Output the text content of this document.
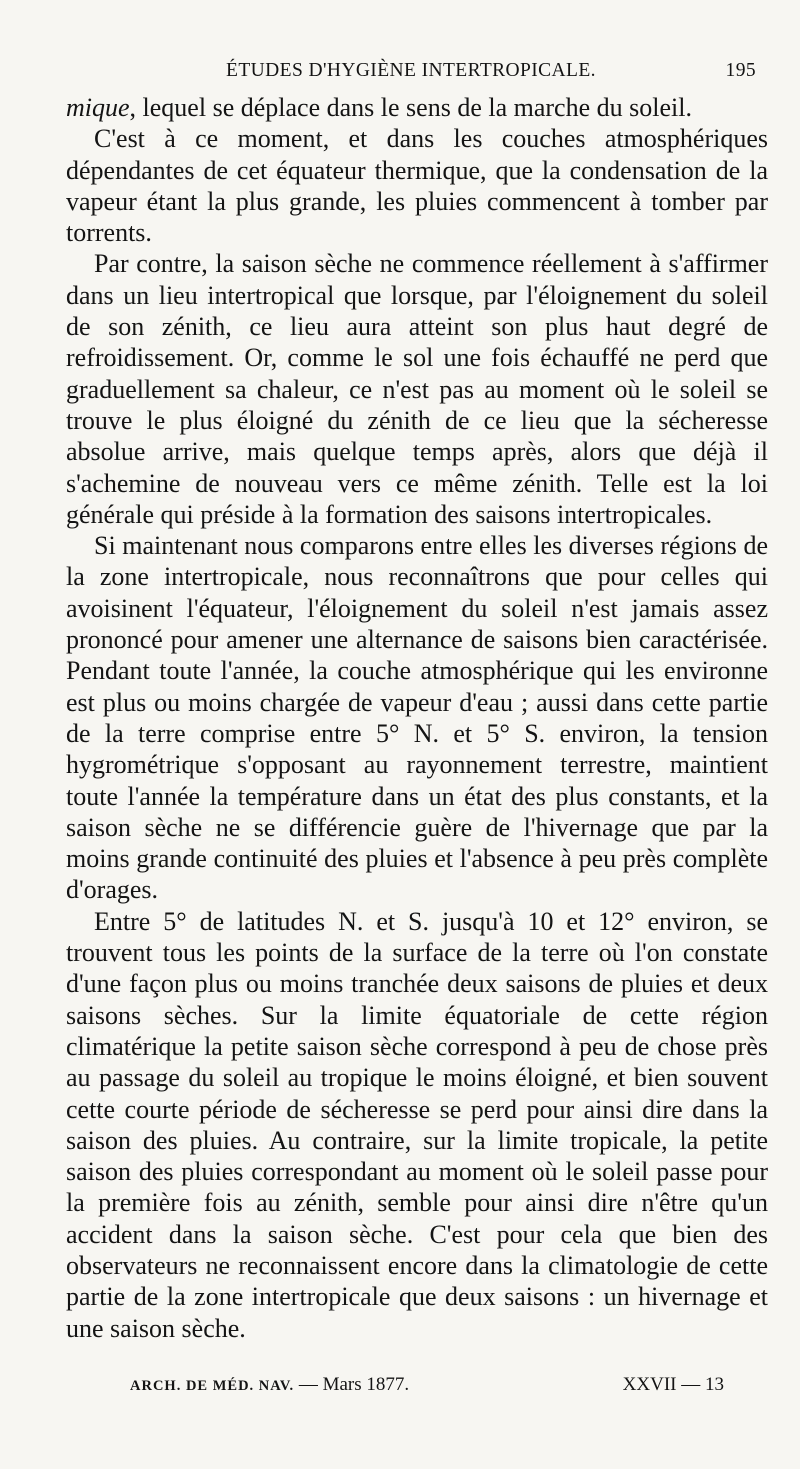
ÉTUDES D'HYGIÈNE INTERTROPICALE.	195

mique, lequel se déplace dans le sens de la marche du soleil.

C'est à ce moment, et dans les couches atmosphériques dépendantes de cet équateur thermique, que la condensation de la vapeur étant la plus grande, les pluies commencent à tomber par torrents.

Par contre, la saison sèche ne commence réellement à s'affirmer dans un lieu intertropical que lorsque, par l'éloignement du soleil de son zénith, ce lieu aura atteint son plus haut degré de refroidissement. Or, comme le sol une fois échauffé ne perd que graduellement sa chaleur, ce n'est pas au moment où le soleil se trouve le plus éloigné du zénith de ce lieu que la sécheresse absolue arrive, mais quelque temps après, alors que déjà il s'achemine de nouveau vers ce même zénith. Telle est la loi générale qui préside à la formation des saisons intertropicales.

Si maintenant nous comparons entre elles les diverses régions de la zone intertropicale, nous reconnaîtrons que pour celles qui avoisinent l'équateur, l'éloignement du soleil n'est jamais assez prononcé pour amener une alternance de saisons bien caractérisée. Pendant toute l'année, la couche atmosphérique qui les environne est plus ou moins chargée de vapeur d'eau ; aussi dans cette partie de la terre comprise entre 5° N. et 5° S. environ, la tension hygrométrique s'opposant au rayonnement terrestre, maintient toute l'année la température dans un état des plus constants, et la saison sèche ne se différencie guère de l'hivernage que par la moins grande continuité des pluies et l'absence à peu près complète d'orages.

Entre 5° de latitudes N. et S. jusqu'à 10 et 12° environ, se trouvent tous les points de la surface de la terre où l'on constate d'une façon plus ou moins tranchée deux saisons de pluies et deux saisons sèches. Sur la limite équatoriale de cette région climatérique la petite saison sèche correspond à peu de chose près au passage du soleil au tropique le moins éloigné, et bien souvent cette courte période de sécheresse se perd pour ainsi dire dans la saison des pluies. Au contraire, sur la limite tropicale, la petite saison des pluies correspondant au moment où le soleil passe pour la première fois au zénith, semble pour ainsi dire n'être qu'un accident dans la saison sèche. C'est pour cela que bien des observateurs ne reconnaissent encore dans la climatologie de cette partie de la zone intertropicale que deux saisons : un hivernage et une saison sèche.

ARCH. DE MÉD. NAV. — Mars 1877.	XXVII — 13
